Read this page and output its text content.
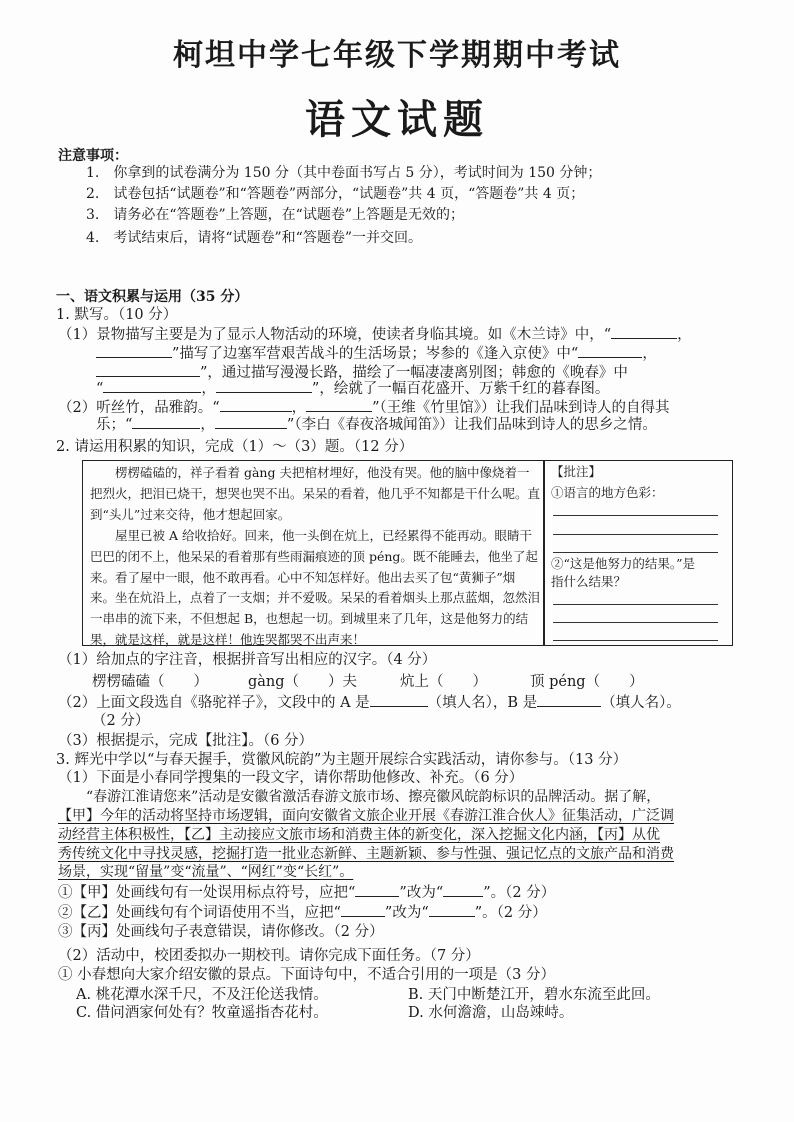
柯坦中学七年级下学期期中考试
语文试题
注意事项：
1.　你拿到的试卷满分为 150 分（其中卷面书写占 5 分），考试时间为 150 分钟；
2.　试卷包括“试题卷”和“答题卷”两部分，“试题卷”共 4 页，“答题卷”共 4 页；
3.　请务必在“答题卷”上答题，在“试题卷”上答题是无效的；
4.　考试结束后，请将“试题卷”和“答题卷”一并交回。
一、语文积累与运用（35 分）
1. 默写。（10 分）
（1）景物描写主要是为了显示人物活动的环境，使读者身临其境。如《木兰诗》中，“	，
”描写了边塞军营艰苦战斗的生活场景；岑参的《逢入京使》中“	，
”，通过描写漫漫长路，描绘了一幅凄凄离别图；韩愈的《晚春》中
“	，	”，绘就了一幅百花盛开、万紫千红的暮春图。
（2）听丝竹，品雅韵。“	，	”（王维《竹里馆》）让我们品味到诗人的自得其
乐；“	，	”（李白《春夜洛城闻笛》）让我们品味到诗人的思乡之情。
2. 请运用积累的知识，完成（1）～（3）题。（12 分）

　　楞楞磕磕的，祥子看着 gàng 夫把棺材埋好，他没有哭。他的脑中像烧着一把烈火，把泪已烧干，想哭也哭不出。呆呆的看着，他几乎不知都是干什么呢。直到“头儿”过来交待，他才想起回家。

　　屋里已被 A 给收拾好。回来，他一头倒在炕上，已经累得不能再动。眼睛干巴巴的闭不上，他呆呆的看着那有些雨漏痕迹的顶 péng。既不能睡去，他坐了起来。看了屋中一眼，他不敢再看。心中不知怎样好。他出去买了包“黄狮子”烟来。坐在炕沿上，点着了一支烟；并不爱吸。呆呆的看着烟头上那点蓝烟，忽然泪一串串的流下来，不但想起 B，也想起一切。到城里来了几年，这是他努力的结果，就是这样，就是这样！他连哭都哭不出声来！

【批注】
①语言的地方色彩：
②“这是他努力的结果。”是
指什么结果？
（1）给加点的字注音，根据拼音写出相应的汉字。（4 分）
楞楞磕磕（　　）	gàng（　　）夫	炕上（　　）	顶 péng（　　）
（2）上面文段选自《骆驼祥子》，文段中的 A 是	（填人名），B 是	（填人名）。
（2 分）
（3）根据提示，完成【批注】。（6 分）
3. 辉光中学以“与春天握手，赏徽风皖韵”为主题开展综合实践活动，请你参与。（13 分）
（1）下面是小春同学搜集的一段文字，请你帮助他修改、补充。（6 分）
　　“春游江淮请您来”活动是安徽省激活春游文旅市场、擦亮徽风皖韵标识的品牌活动。据了解，
【甲】今年的活动将坚持市场逻辑，面向安徽省文旅企业开展《春游江淮合伙人》征集活动，广泛调
动经营主体积极性，【乙】主动接应文旅市场和消费主体的新变化，深入挖掘文化内涵，【丙】从优
秀传统文化中寻找灵感，挖掘打造一批业态新鲜、主题新颖、参与性强、强记忆点的文旅产品和消费
场景，实现“留量”变“流量”、“网红”变“长红”。
①【甲】处画线句有一处误用标点符号，应把“	”改为“	”。（2 分）
②【乙】处画线句有个词语使用不当，应把“	”改为“	”。（2 分）
③【丙】处画线句子表意错误，请你修改。（2 分）
（2）活动中，校团委拟办一期校刊。请你完成下面任务。（7 分）
① 小春想向大家介绍安徽的景点。下面诗句中，不适合引用的一项是（3 分）
A. 桃花潭水深千尺，不及汪伦送我情。	B. 天门中断楚江开，碧水东流至此回。
C. 借问酒家何处有？牧童遥指杏花村。	D. 水何澹澹，山岛竦峙。
